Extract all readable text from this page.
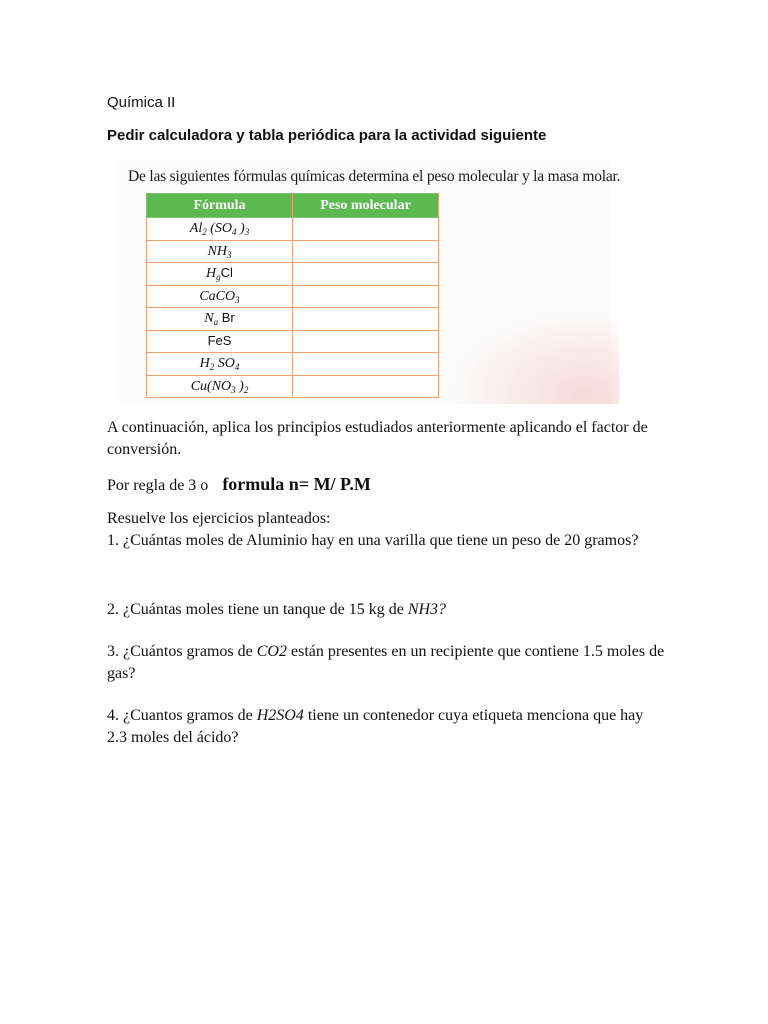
Química II
Pedir calculadora y tabla periódica para la actividad siguiente
De las siguientes fórmulas químicas determina el peso molecular y la masa molar.
Fórmula	Peso molecular
$Al_2$ ($SO_4$ )$_3$	
$NH_3$	
$H_gCl$	
CaCO$_3$	
$N_a$ Br	
FeS	
$H_2$ $SO_4$	
$Cu(NO_3$ )$_2$	
A continuación, aplica los principios estudiados anteriormente aplicando el factor de conversión.
Por regla de 3 o formula n= M/ P.M
Resuelve los ejercicios planteados:
1. ¿Cuántas moles de Aluminio hay en una varilla que tiene un peso de 20 gramos?
2. ¿Cuántas moles tiene un tanque de 15 kg de NH3?
3. ¿Cuántos gramos de CO2 están presentes en un recipiente que contiene 1.5 moles de gas?
4. ¿Cuantos gramos de H2SO4 tiene un contenedor cuya etiqueta menciona que hay 2.3 moles del ácido?
